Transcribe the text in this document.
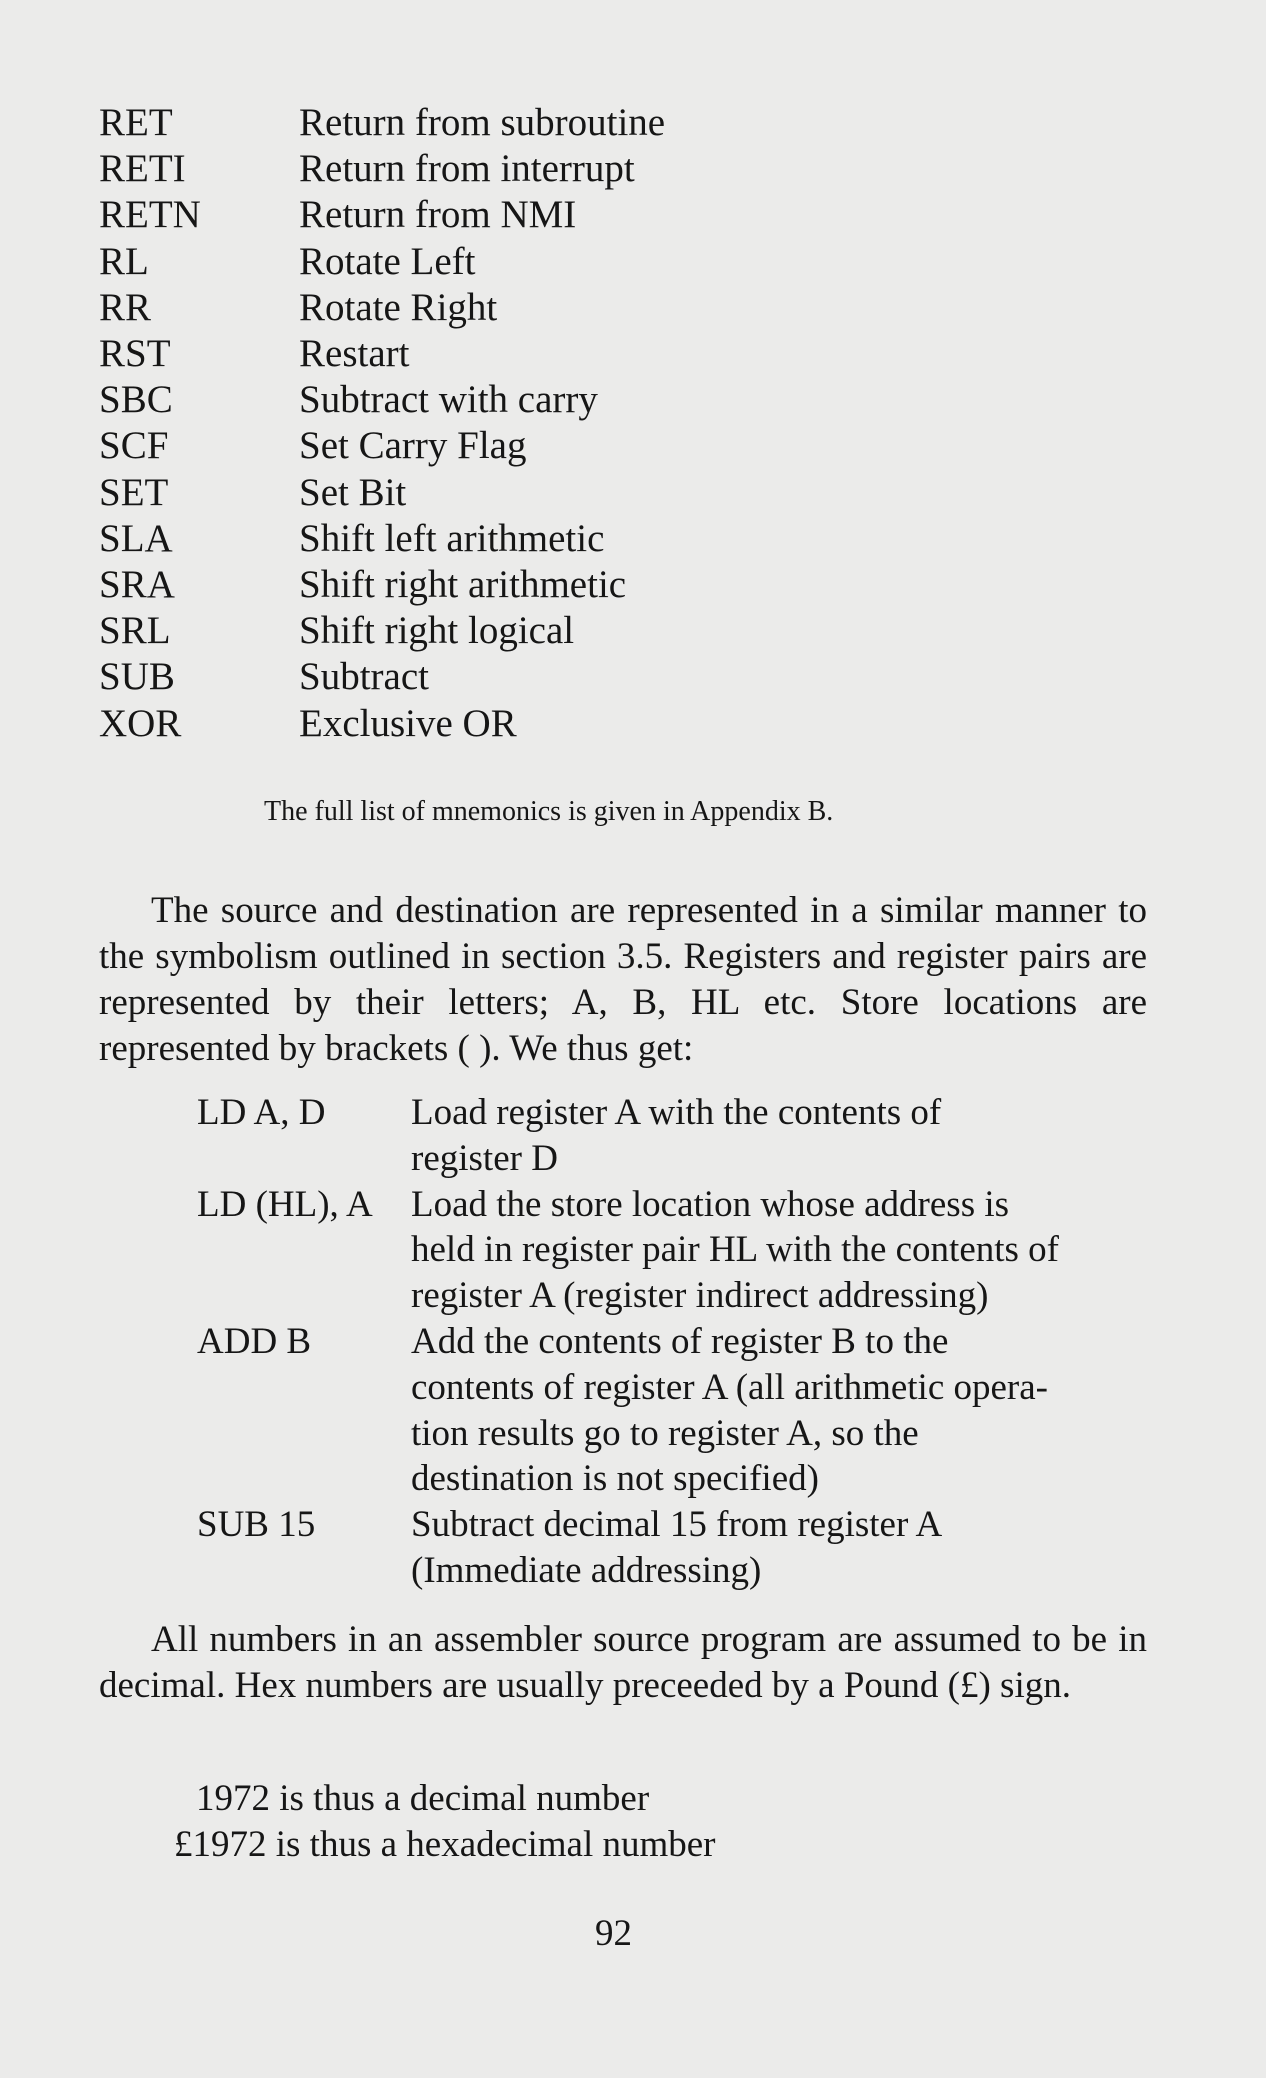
RET	Return from subroutine
RETI	Return from interrupt
RETN	Return from NMI
RL	Rotate Left
RR	Rotate Right
RST	Restart
SBC	Subtract with carry
SCF	Set Carry Flag
SET	Set Bit
SLA	Shift left arithmetic
SRA	Shift right arithmetic
SRL	Shift right logical
SUB	Subtract
XOR	Exclusive OR
The full list of mnemonics is given in Appendix B.

The source and destination are represented in a similar manner to the symbolism outlined in section 3.5. Registers and register pairs are represented by their letters; A, B, HL etc. Store locations are represented by brackets ( ). We thus get:

LD A, D	Load register A with the contents of
register D
LD (HL), A	Load the store location whose address is
held in register pair HL with the contents of
register A (register indirect addressing)
ADD B	Add the contents of register B to the
contents of register A (all arithmetic opera-
tion results go to register A, so the
destination is not specified)
SUB 15	Subtract decimal 15 from register A
(Immediate addressing)

All numbers in an assembler source program are assumed to be in decimal. Hex numbers are usually preceeded by a Pound (£) sign.

1972 is thus a decimal number
£1972 is thus a hexadecimal number
92
